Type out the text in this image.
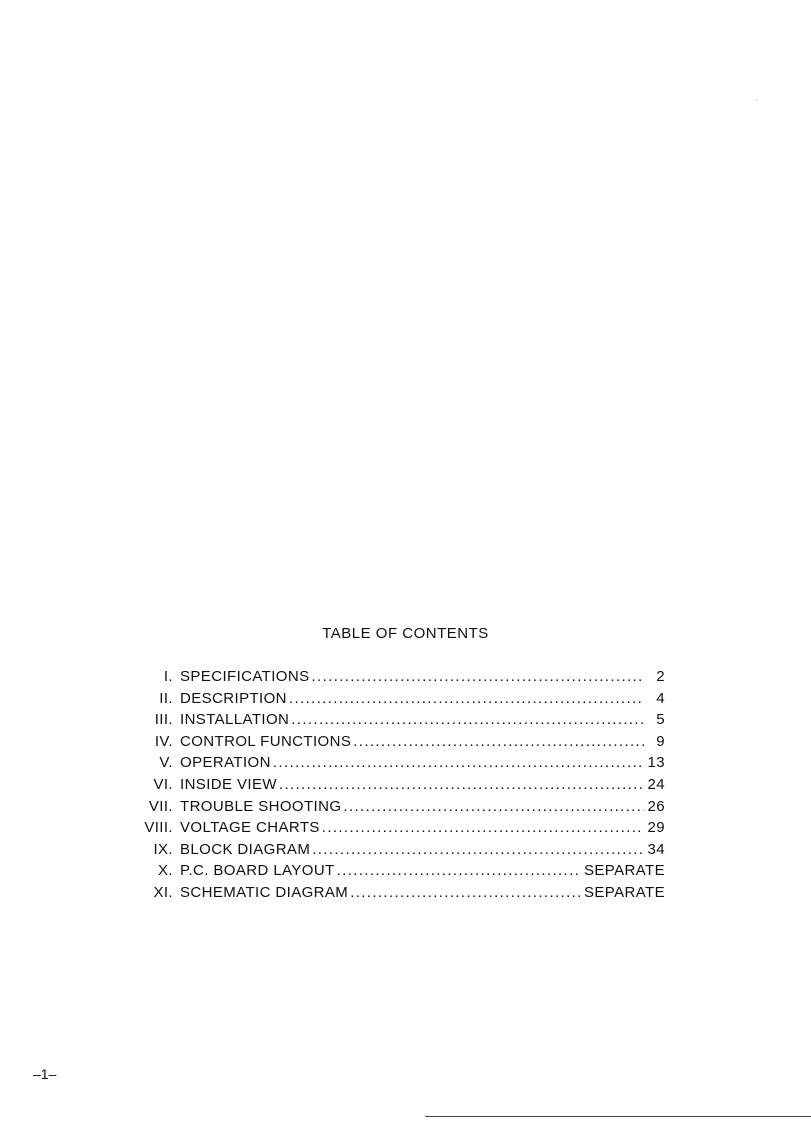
TABLE OF CONTENTS
I. SPECIFICATIONS . . .	2
II. DESCRIPTION . . .	4
III. INSTALLATION . . .	5
IV. CONTROL FUNCTIONS . . .	9
V. OPERATION . . .	13
VI. INSIDE VIEW . . .	24
VII. TROUBLE SHOOTING . . .	26
VIII. VOLTAGE CHARTS . . .	29
IX. BLOCK DIAGRAM . . .	34
X. P.C. BOARD LAYOUT . . .	SEPARATE
XI. SCHEMATIC DIAGRAM . . .	SEPARATE
–1–
